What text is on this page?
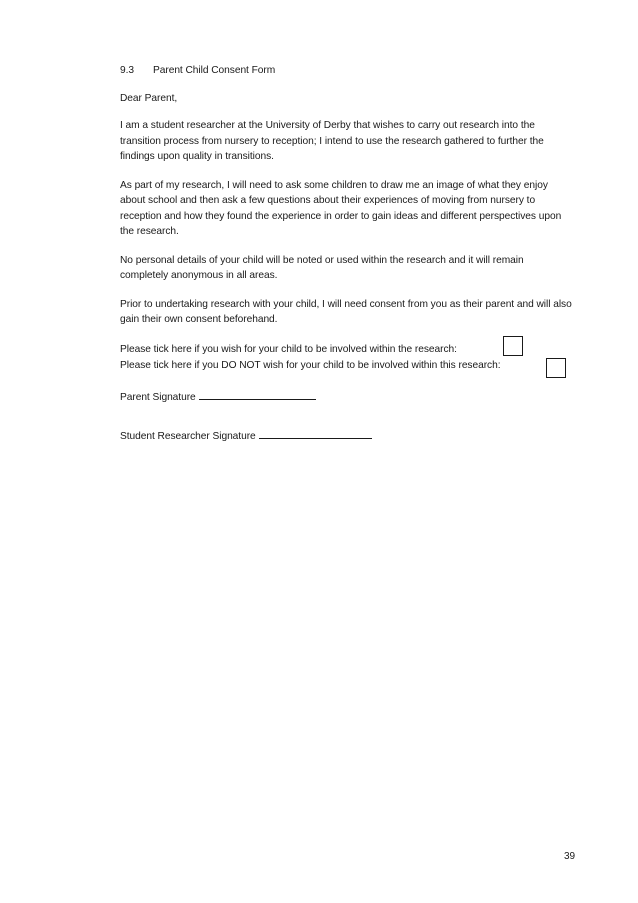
9.3 Parent Child Consent Form
Dear Parent,
I am a student researcher at the University of Derby that wishes to carry out research into the transition process from nursery to reception; I intend to use the research gathered to further the findings upon quality in transitions.
As part of my research, I will need to ask some children to draw me an image of what they enjoy about school and then ask a few questions about their experiences of moving from nursery to reception and how they found the experience in order to gain ideas and different perspectives upon the research.
No personal details of your child will be noted or used within the research and it will remain completely anonymous in all areas.
Prior to undertaking research with your child, I will need consent from you as their parent and will also gain their own consent beforehand.
Please tick here if you wish for your child to be involved within the research:
Please tick here if you DO NOT wish for your child to be involved within this research:
Parent Signature
Student Researcher Signature
39
